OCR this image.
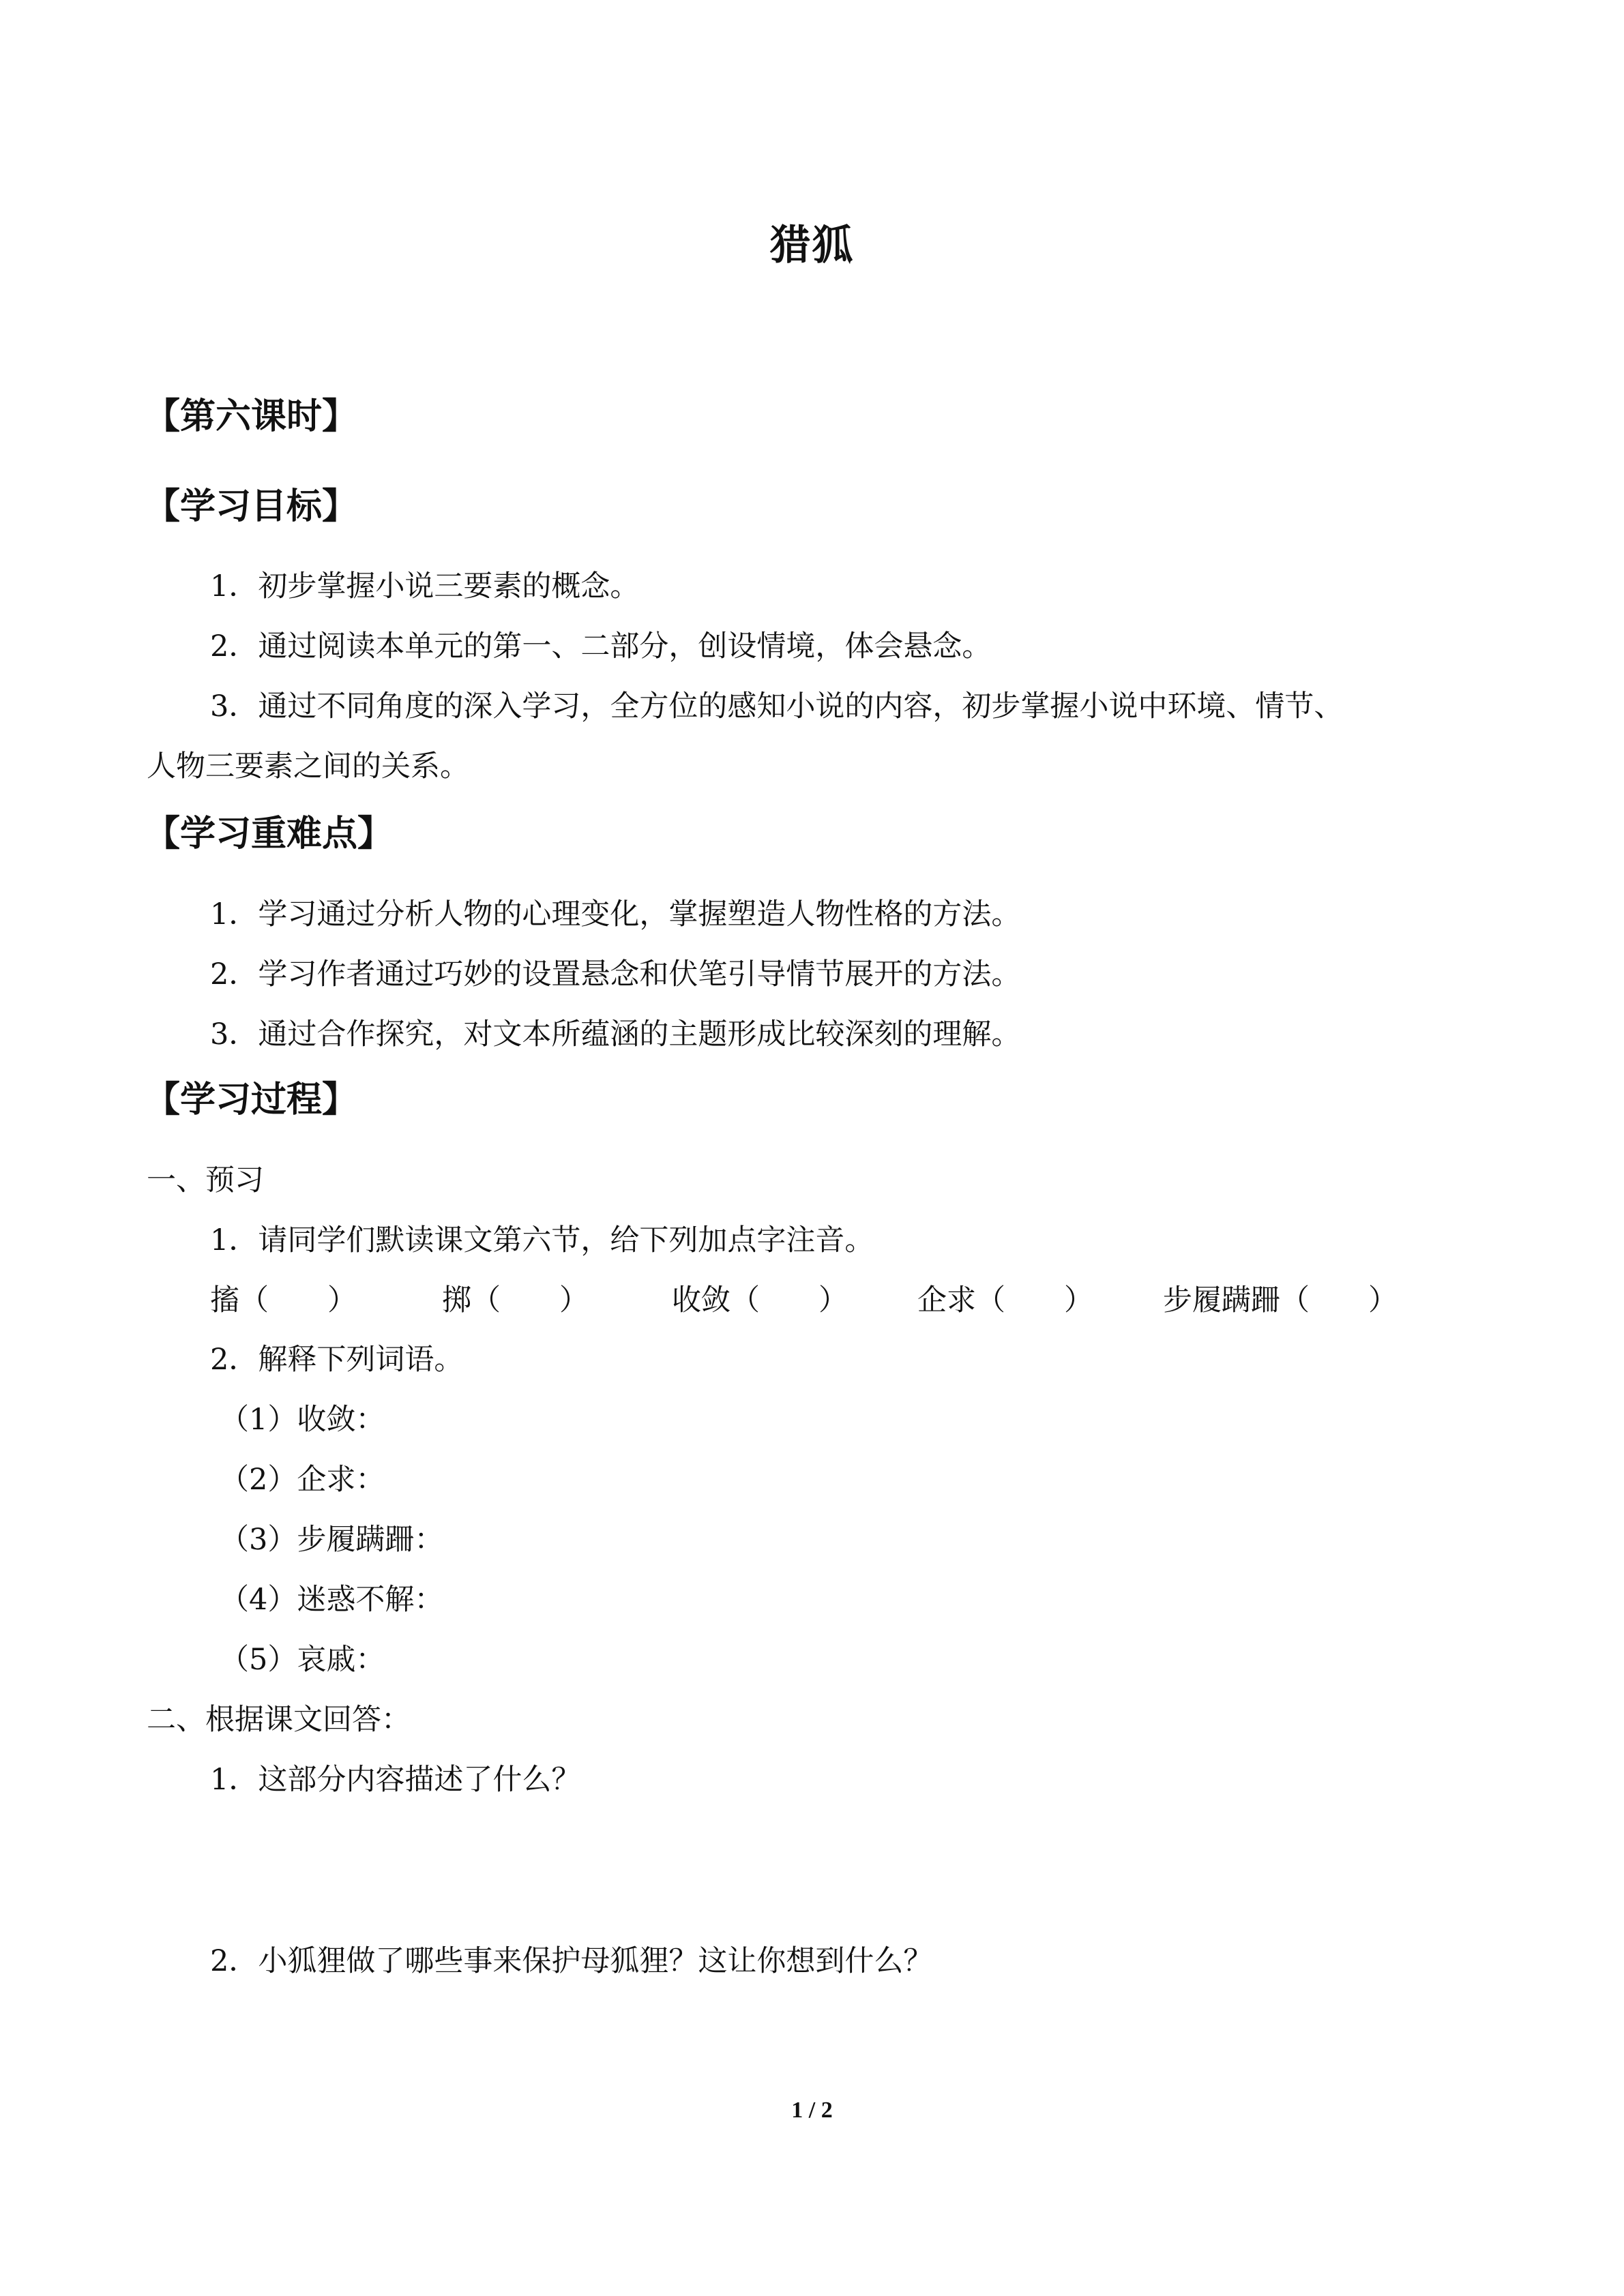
猎狐
【第六课时】
【学习目标】
1．初步掌握小说三要素的概念。
2．通过阅读本单元的第一、二部分，创设情境，体会悬念。
3．通过不同角度的深入学习，全方位的感知小说的内容，初步掌握小说中环境、情节、
人物三要素之间的关系。
【学习重难点】
1．学习通过分析人物的心理变化，掌握塑造人物性格的方法。
2．学习作者通过巧妙的设置悬念和伏笔引导情节展开的方法。
3．通过合作探究，对文本所蕴涵的主题形成比较深刻的理解。
【学习过程】
一、预习
1．请同学们默读课文第六节，给下列加点字注音。
搐（　　）	掷（　　）	收敛（　　） 企求（　　） 步履蹒跚（　　）
2．解释下列词语。
（1）收敛：
（2）企求：
（3）步履蹒跚：
（4）迷惑不解：
（5）哀戚：
二、根据课文回答：
1．这部分内容描述了什么？
2．小狐狸做了哪些事来保护母狐狸？这让你想到什么？
1 / 2
